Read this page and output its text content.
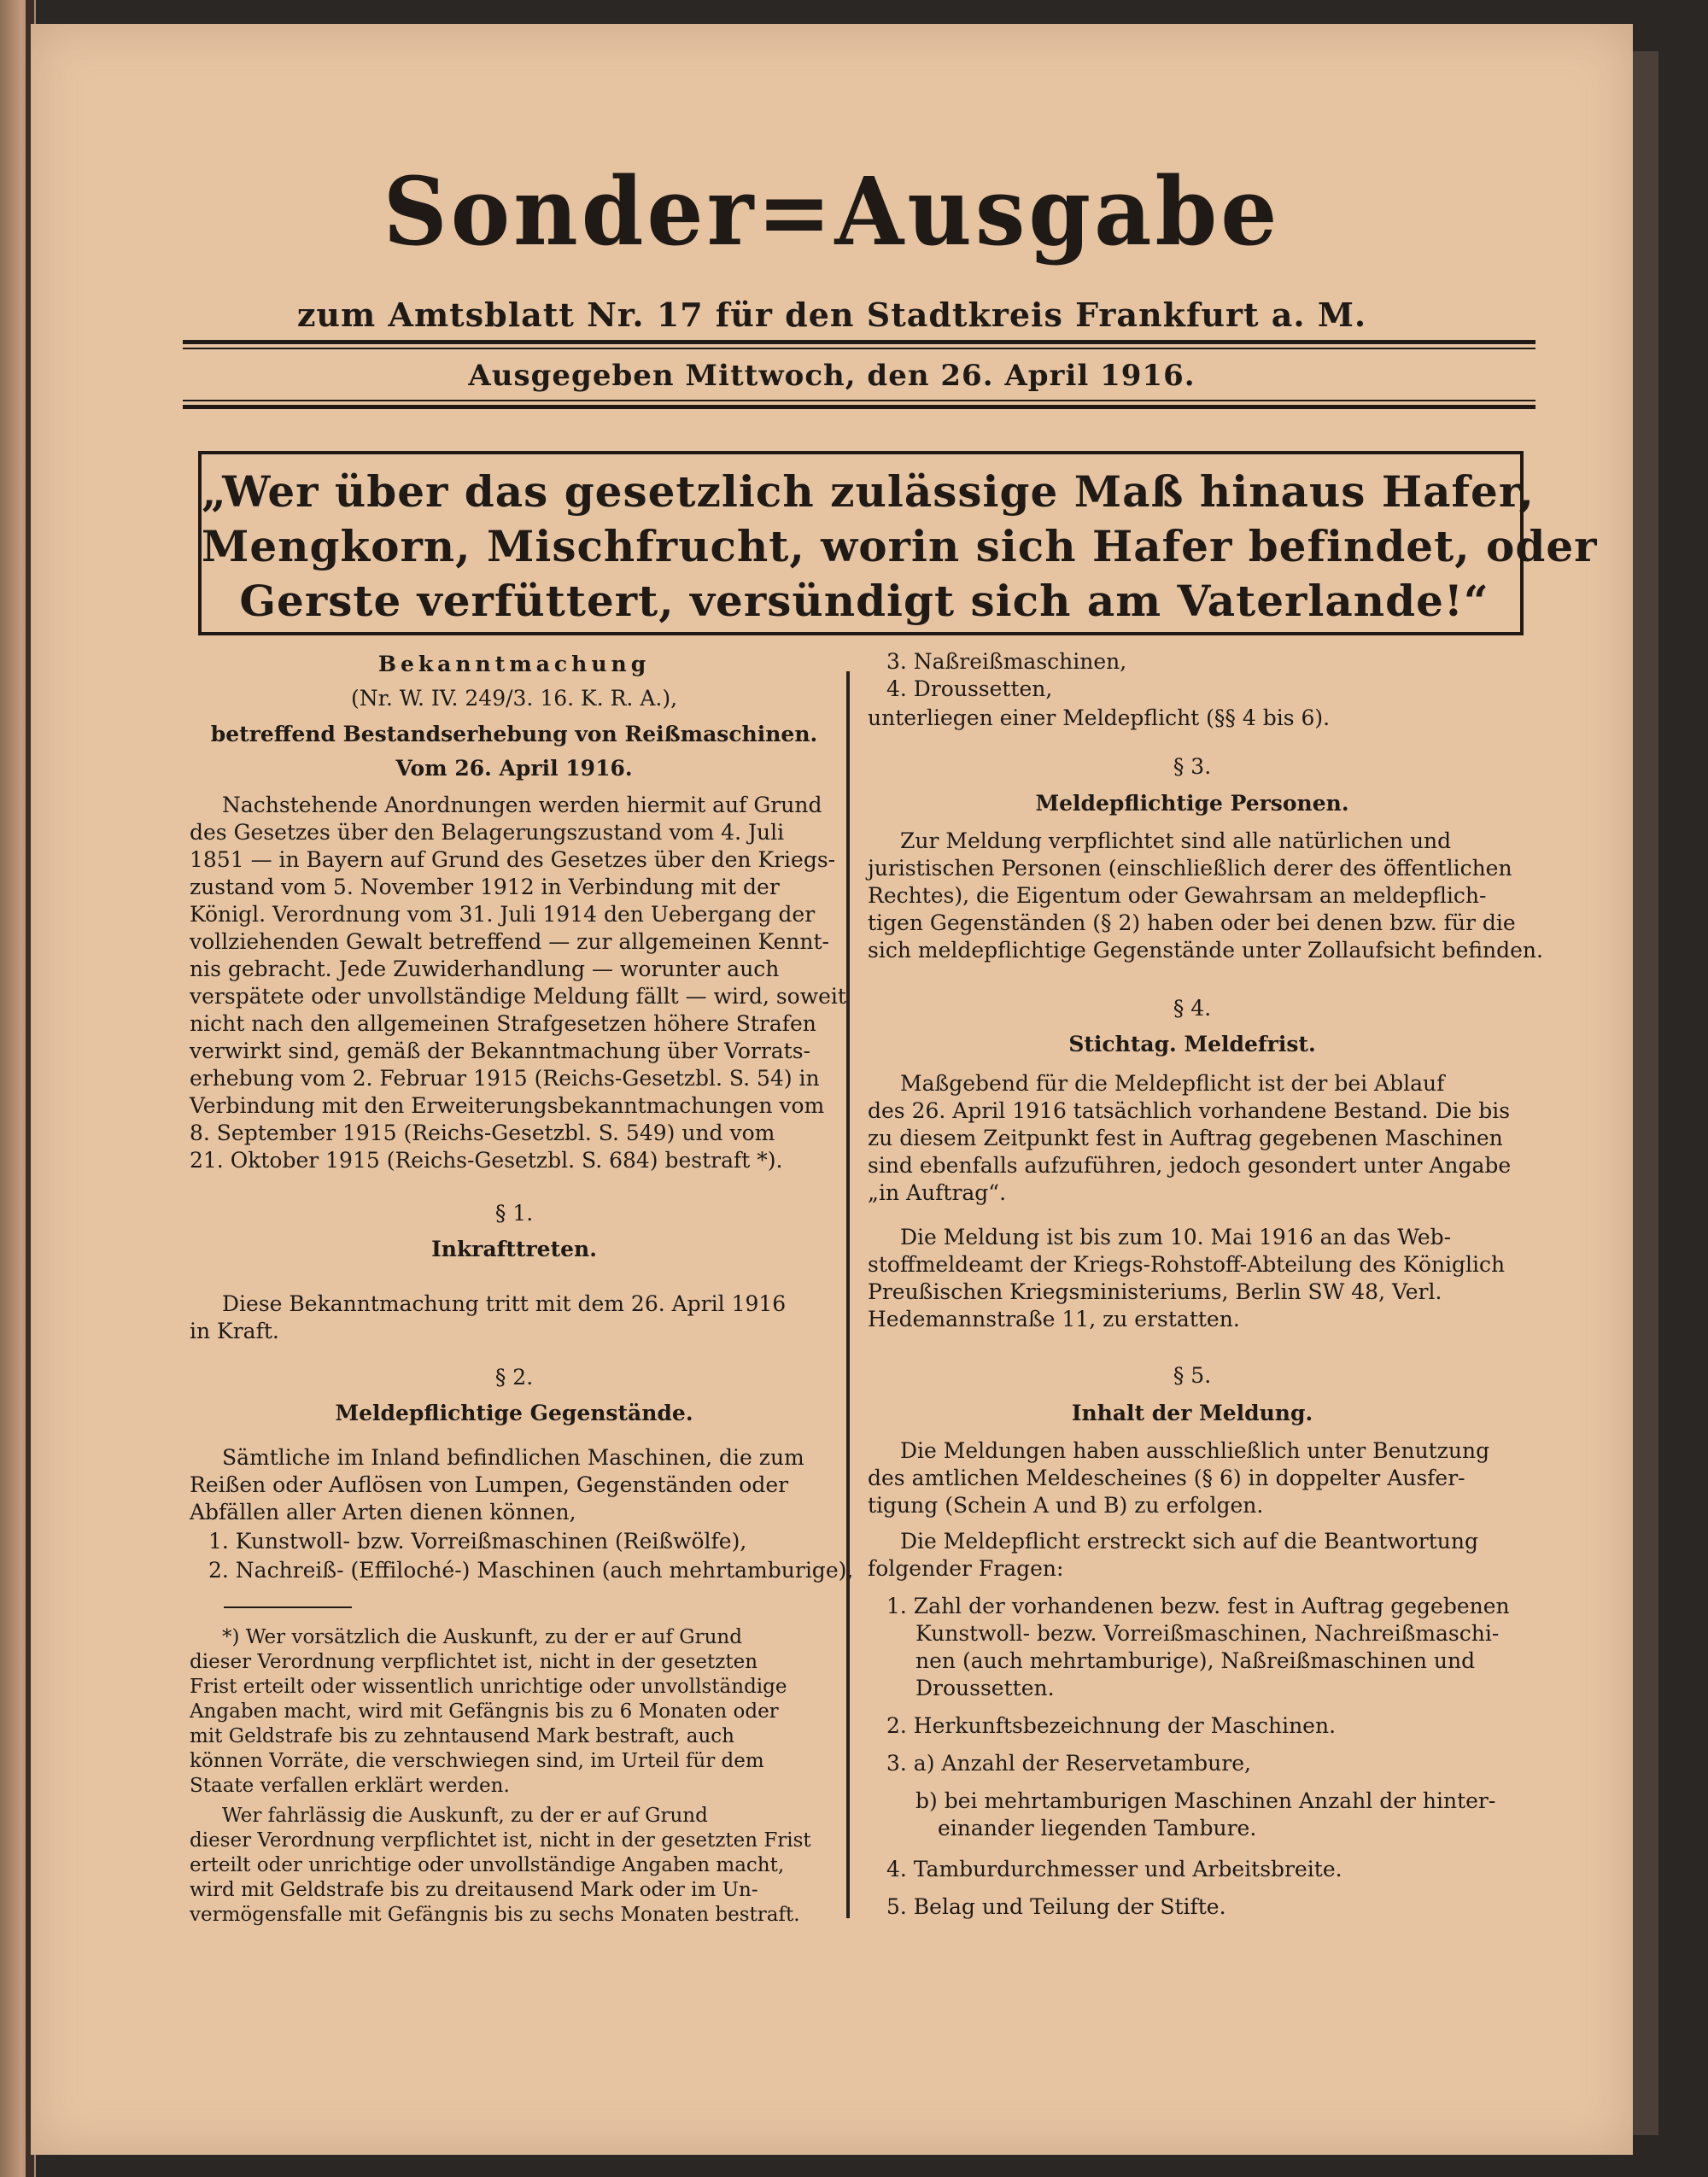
Sonder=Ausgabe
zum Amtsblatt Nr. 17 für den Stadtkreis Frankfurt a. M.
Ausgegeben Mittwoch, den 26. April 1916.
„Wer über das gesetzlich zulässige Maß hinaus Hafer,
Mengkorn, Mischfrucht, worin sich Hafer befindet, oder
Gerste verfüttert, versündigt sich am Vaterlande!“
Bekanntmachung
(Nr. W. IV. 249/3. 16. K. R. A.),
betreffend Bestandserhebung von Reißmaschinen.
Vom 26. April 1916.
Nachstehende Anordnungen werden hiermit auf Grund
des Gesetzes über den Belagerungszustand vom 4. Juli
1851 — in Bayern auf Grund des Gesetzes über den Kriegs-
zustand vom 5. November 1912 in Verbindung mit der
Königl. Verordnung vom 31. Juli 1914 den Uebergang der
vollziehenden Gewalt betreffend — zur allgemeinen Kennt-
nis gebracht. Jede Zuwiderhandlung — worunter auch
verspätete oder unvollständige Meldung fällt — wird, soweit
nicht nach den allgemeinen Strafgesetzen höhere Strafen
verwirkt sind, gemäß der Bekanntmachung über Vorrats-
erhebung vom 2. Februar 1915 (Reichs-Gesetzbl. S. 54) in
Verbindung mit den Erweiterungsbekanntmachungen vom
8. September 1915 (Reichs-Gesetzbl. S. 549) und vom
21. Oktober 1915 (Reichs-Gesetzbl. S. 684) bestraft *).
§ 1.
Inkrafttreten.
Diese Bekanntmachung tritt mit dem 26. April 1916
in Kraft.
§ 2.
Meldepflichtige Gegenstände.
Sämtliche im Inland befindlichen Maschinen, die zum
Reißen oder Auflösen von Lumpen, Gegenständen oder
Abfällen aller Arten dienen können,
1. Kunstwoll- bzw. Vorreißmaschinen (Reißwölfe),
2. Nachreiß- (Effiloché-) Maschinen (auch mehrtamburige),
*) Wer vorsätzlich die Auskunft, zu der er auf Grund
dieser Verordnung verpflichtet ist, nicht in der gesetzten
Frist erteilt oder wissentlich unrichtige oder unvollständige
Angaben macht, wird mit Gefängnis bis zu 6 Monaten oder
mit Geldstrafe bis zu zehntausend Mark bestraft, auch
können Vorräte, die verschwiegen sind, im Urteil für dem
Staate verfallen erklärt werden.
Wer fahrlässig die Auskunft, zu der er auf Grund
dieser Verordnung verpflichtet ist, nicht in der gesetzten Frist
erteilt oder unrichtige oder unvollständige Angaben macht,
wird mit Geldstrafe bis zu dreitausend Mark oder im Un-
vermögensfalle mit Gefängnis bis zu sechs Monaten bestraft.
3. Naßreißmaschinen,
4. Droussetten,
unterliegen einer Meldepflicht (§§ 4 bis 6).
§ 3.
Meldepflichtige Personen.
Zur Meldung verpflichtet sind alle natürlichen und
juristischen Personen (einschließlich derer des öffentlichen
Rechtes), die Eigentum oder Gewahrsam an meldepflich-
tigen Gegenständen (§ 2) haben oder bei denen bzw. für die
sich meldepflichtige Gegenstände unter Zollaufsicht befinden.
§ 4.
Stichtag. Meldefrist.
Maßgebend für die Meldepflicht ist der bei Ablauf
des 26. April 1916 tatsächlich vorhandene Bestand. Die bis
zu diesem Zeitpunkt fest in Auftrag gegebenen Maschinen
sind ebenfalls aufzuführen, jedoch gesondert unter Angabe
„in Auftrag“.
Die Meldung ist bis zum 10. Mai 1916 an das Web-
stoffmeldeamt der Kriegs-Rohstoff-Abteilung des Königlich
Preußischen Kriegsministeriums, Berlin SW 48, Verl.
Hedemannstraße 11, zu erstatten.
§ 5.
Inhalt der Meldung.
Die Meldungen haben ausschließlich unter Benutzung
des amtlichen Meldescheines (§ 6) in doppelter Ausfer-
tigung (Schein A und B) zu erfolgen.
Die Meldepflicht erstreckt sich auf die Beantwortung
folgender Fragen:
1. Zahl der vorhandenen bezw. fest in Auftrag gegebenen
Kunstwoll- bezw. Vorreißmaschinen, Nachreißmaschi-
nen (auch mehrtamburige), Naßreißmaschinen und
Droussetten.
2. Herkunftsbezeichnung der Maschinen.
3. a) Anzahl der Reservetambure,
b) bei mehrtamburigen Maschinen Anzahl der hinter-
einander liegenden Tambure.
4. Tamburdurchmesser und Arbeitsbreite.
5. Belag und Teilung der Stifte.
